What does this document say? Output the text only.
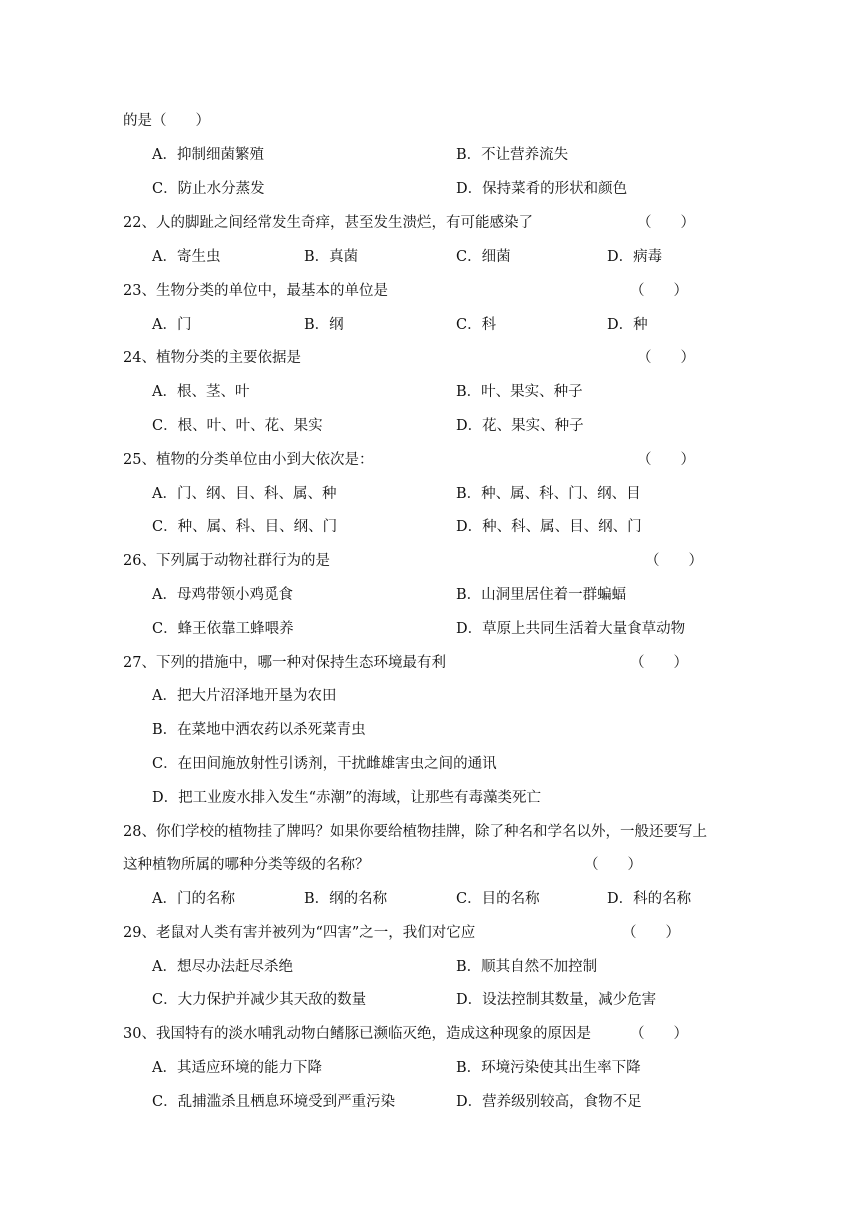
的是（　　）
A．抑制细菌繁殖	B．不让营养流失
C．防止水分蒸发	D．保持菜肴的形状和颜色
22、人的脚趾之间经常发生奇痒，甚至发生溃烂，有可能感染了	（　　）
A．寄生虫	B．真菌	C．细菌	D．病毒
23、生物分类的单位中，最基本的单位是	（　　）
A．门	B．纲	C．科	D．种
24、植物分类的主要依据是	（　　）
A．根、茎、叶	B．叶、果实、种子
C．根、叶、叶、花、果实	D．花、果实、种子
25、植物的分类单位由小到大依次是：	（　　）
A．门、纲、目、科、属、种	B．种、属、科、门、纲、目
C．种、属、科、目、纲、门	D．种、科、属、目、纲、门
26、下列属于动物社群行为的是	（　　）
A．母鸡带领小鸡觅食	B．山洞里居住着一群蝙蝠
C．蜂王依靠工蜂喂养	D．草原上共同生活着大量食草动物
27、下列的措施中，哪一种对保持生态环境最有利	（　　）
A．把大片沼泽地开垦为农田
B．在菜地中洒农药以杀死菜青虫
C．在田间施放射性引诱剂，干扰雌雄害虫之间的通讯
D．把工业废水排入发生“赤潮”的海域，让那些有毒藻类死亡
28、你们学校的植物挂了牌吗？如果你要给植物挂牌，除了种名和学名以外，一般还要写上
这种植物所属的哪种分类等级的名称？	（　　）
A．门的名称	B．纲的名称	C．目的名称	D．科的名称
29、老鼠对人类有害并被列为“四害”之一，我们对它应	（　　）
A．想尽办法赶尽杀绝	B．顺其自然不加控制
C．大力保护并减少其天敌的数量	D．设法控制其数量，减少危害
30、我国特有的淡水哺乳动物白鳍豚已濒临灭绝，造成这种现象的原因是	（　　）
A．其适应环境的能力下降	B．环境污染使其出生率下降
C．乱捕滥杀且栖息环境受到严重污染	D．营养级别较高，食物不足
